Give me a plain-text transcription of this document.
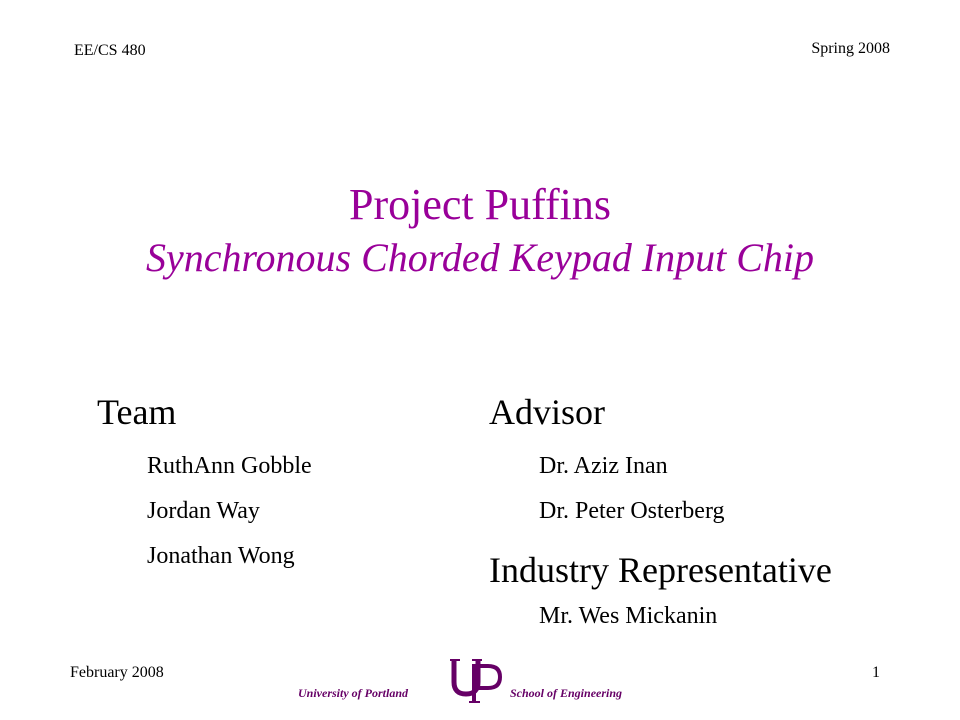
EE/CS 480	Spring 2008
Project Puffins
Synchronous Chorded Keypad Input Chip
Team
RuthAnn Gobble
Jordan Way
Jonathan Wong
Advisor
Dr. Aziz Inan
Dr. Peter Osterberg
Industry Representative
Mr. Wes Mickanin
February 2008	1
University of Portland	School of Engineering
